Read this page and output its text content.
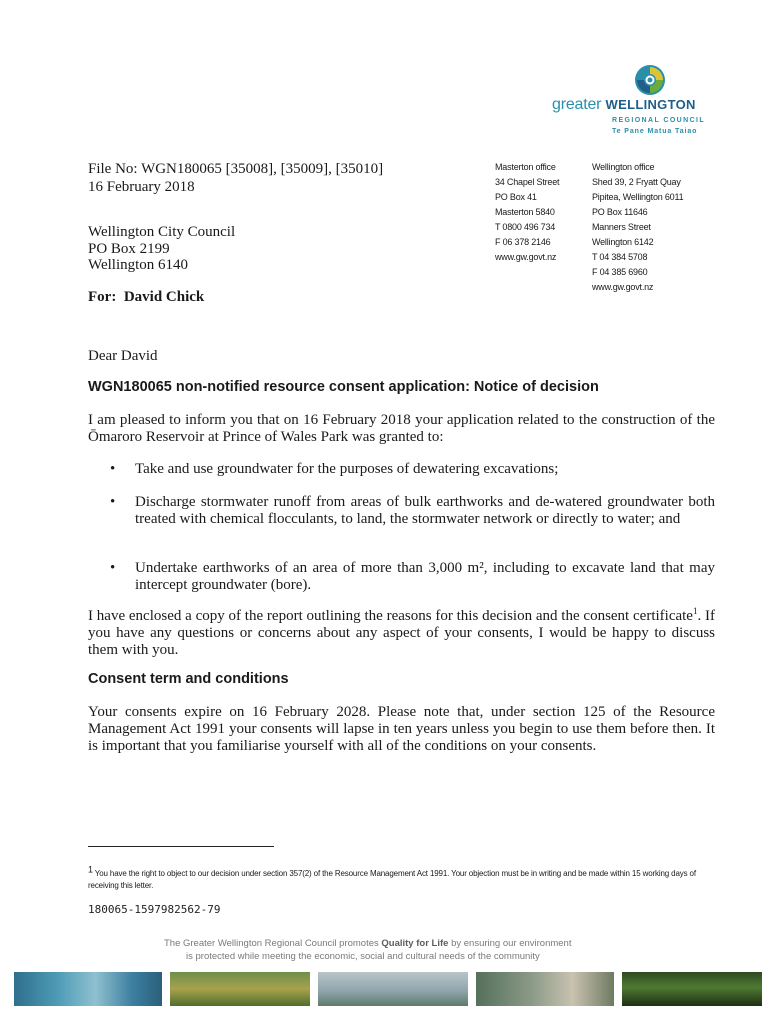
greater WELLINGTON
REGIONAL COUNCIL
Te Pane Matua Taiao
File No: WGN180065 [35008], [35009], [35010]
16 February 2018
Wellington City Council
PO Box 2199
Wellington 6140
For: David Chick
Masterton office
34 Chapel Street
PO Box 41
Masterton 5840
T 0800 496 734
F 06 378 2146
www.gw.govt.nz
Wellington office
Shed 39, 2 Fryatt Quay
Pipitea, Wellington 6011
PO Box 11646
Manners Street
Wellington 6142
T 04 384 5708
F 04 385 6960
www.gw.govt.nz
Dear David
WGN180065 non-notified resource consent application: Notice of decision

I am pleased to inform you that on 16 February 2018 your application related to the construction of the Ōmaroro Reservoir at Prince of Wales Park was granted to:

• Take and use groundwater for the purposes of dewatering excavations;
• Discharge stormwater runoff from areas of bulk earthworks and de-watered groundwater both treated with chemical flocculants, to land, the stormwater network or directly to water; and
• Undertake earthworks of an area of more than 3,000 m², including to excavate land that may intercept groundwater (bore).

I have enclosed a copy of the report outlining the reasons for this decision and the consent certificate$^1$. If you have any questions or concerns about any aspect of your consents, I would be happy to discuss them with you.

Consent term and conditions

Your consents expire on 16 February 2028. Please note that, under section 125 of the Resource Management Act 1991 your consents will lapse in ten years unless you begin to use them before then. It is important that you familiarise yourself with all of the conditions on your consents.

$^1$ You have the right to object to our decision under section 357(2) of the Resource Management Act 1991. Your objection must be in writing and be made within 15 working days of receiving this letter.
180065-1597982562-79
The Greater Wellington Regional Council promotes Quality for Life by ensuring our environment
is protected while meeting the economic, social and cultural needs of the community
